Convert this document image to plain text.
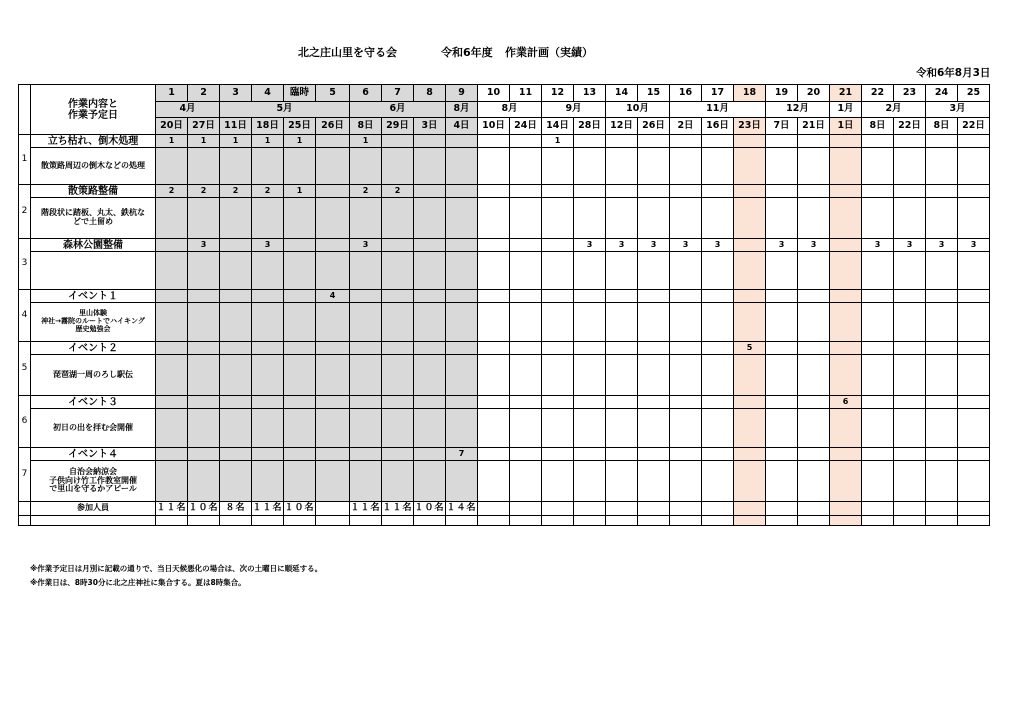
北之庄山里を守る会	令和6年度 作業計画（実績）
令和6年8月3日

	作業内容と
作業予定日	1	2	3	4	臨時	5	6	7	8	9	10	11	12	13	14	15	16	17	18	19	20	21	22	23	24	25
		4月		5月				6月			8月	8月		9月		10月		11月			12月		1月	2月		3月	
		20日	27日	11日	18日	25日	26日	8日	29日	3日	4日	10日	24日	14日	28日	12日	26日	2日	16日	23日	7日	21日	1日	8日	22日	8日	22日
1	立ち枯れ、倒木処理	1	1	1	1	1		1						1													

	散策路周辺の倒木などの処理																										

2	散策路整備	2	2	2	2	1		2	2																		

	階段状に踏板、丸太、鉄杭な
どで土留め																										

3	森林公園整備		3		3			3							3	3	3	3	3		3	3		3	3	3	3

4	イベント１						4																				

	里山体験
神社→霧院のルートでハイキング
歴史勉強会																										

5	イベント２																			5							

	琵琶湖一周のろし駅伝																										

6	イベント３																						6				

	初日の出を拝む会開催																										

7	イベント４										7																

	自治会納涼会
子供向け竹工作教室開催
で里山を守るかアピール																										

	参加人員	１１名	１０名	８名	１１名	１０名		１１名	１１名	１０名	１４名																

※作業予定日は月別に記載の通りで、当日天候悪化の場合は、次の土曜日に順延する。
※作業日は、8時30分に北之庄神社に集合する。夏は8時集合。
